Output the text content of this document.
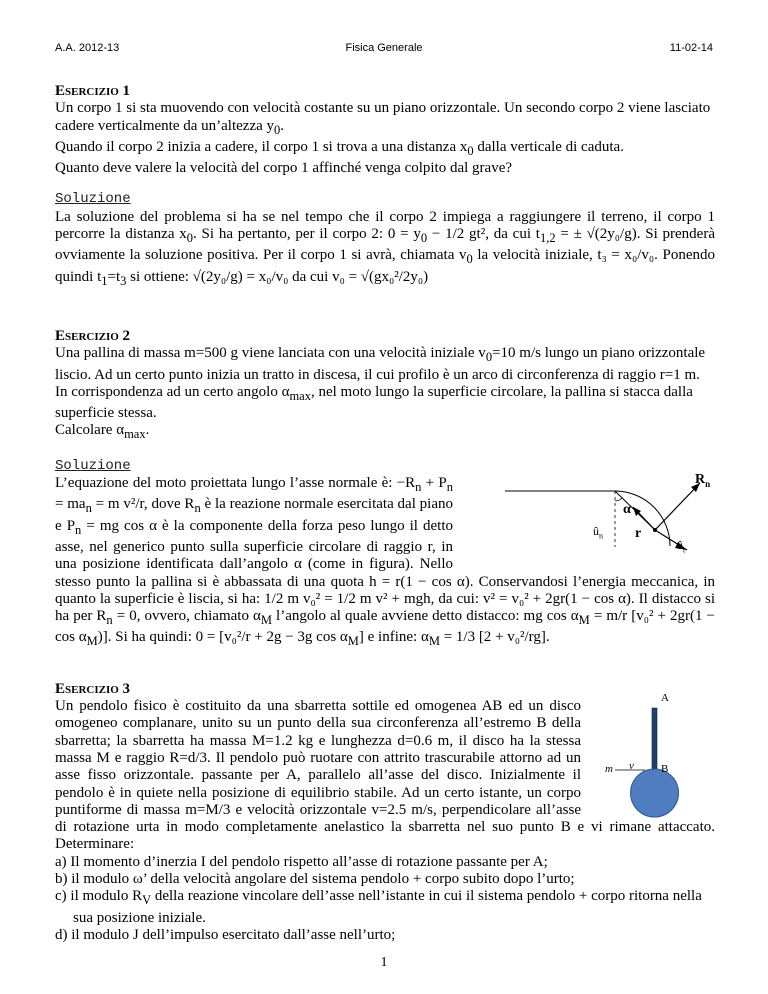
A.A. 2012-13	Fisica Generale	11-02-14

Esercizio 1

Un corpo 1 si sta muovendo con velocità costante su un piano orizzontale. Un secondo corpo 2 viene lasciato cadere verticalmente da un’altezza $y_0$.
Quando il corpo 2 inizia a cadere, il corpo 1 si trova a una distanza $x_0$ dalla verticale di caduta.
Quanto deve valere la velocità del corpo 1 affinché venga colpito dal grave?

Soluzione

La soluzione del problema si ha se nel tempo che il corpo 2 impiega a raggiungere il terreno, il corpo 1 percorre la distanza $x_0$. Si ha pertanto, per il corpo 2: $0 = y_0 - 1/2$ gt², da cui $t_{1,2}$ = ± √(2y₀/g). Si prenderà ovviamente la soluzione positiva. Per il corpo 1 si avrà, chiamata $v_0$ la velocità iniziale, t₃ = x₀/v₀. Ponendo quindi $t_1=t_3$ si ottiene: √(2y₀/g) = x₀/v₀ da cui v₀ = √(gx₀²/2y₀)

Esercizio 2

Una pallina di massa m=500 g viene lanciata con una velocità iniziale $v_0=10$ m/s lungo un piano orizzontale liscio. Ad un certo punto inizia un tratto in discesa, il cui profilo è un arco di circonferenza di raggio r=1 m.
In corrispondenza ad un certo angolo $\alpha_{max}$, nel moto lungo la superficie circolare, la pallina si stacca dalla superficie stessa.
Calcolare $\alpha_{max}$.

Soluzione

$R_n$
α
r
$û_n$
$û_t$

L’equazione del moto proiettata lungo l’asse normale è: $-R_n + P_n = ma_n = m$ v²/r, dove $R_n$ è la reazione normale esercitata dal piano e $P_n$ = mg cos α è la componente della forza peso lungo il detto asse, nel generico punto sulla superficie circolare di raggio r, in una posizione identificata dall’angolo α (come in figura). Nello stesso punto la pallina si è abbassata di una quota h = r(1 − cos α). Conservandosi l’energia meccanica, in quanto la superficie è liscia, si ha: 1/2 m v₀² = 1/2 m v² + mgh, da cui: v² = v₀² + 2gr(1 − cos α). Il distacco si ha per $R_n = 0$, ovvero, chiamato $\alpha_M$ l’angolo al quale avviene detto distacco: mg $\cos \alpha_M = m/r$ $[v_0^2 + 2gr(1 - \cos \alpha_M)]$. Si ha quindi: 0 = [v₀²/r + 2g − 3g $\cos \alpha_M$] e infine: $\alpha_M = 1/3$ [2 + v₀²/rg].

Esercizio 3

A
B
m v

Un pendolo fisico è costituito da una sbarretta sottile ed omogenea AB ed un disco omogeneo complanare, unito su un punto della sua circonferenza all’estremo B della sbarretta; la sbarretta ha massa M=1.2 kg e lunghezza d=0.6 m, il disco ha la stessa massa M e raggio R=d/3. Il pendolo può ruotare con attrito trascurabile attorno ad un asse fisso orizzontale. passante per A, parallelo all’asse del disco. Inizialmente il pendolo è in quiete nella posizione di equilibrio stabile. Ad un certo istante, un corpo puntiforme di massa m=M/3 e velocità orizzontale v=2.5 m/s, perpendicolare all’asse di rotazione urta in modo completamente anelastico la sbarretta nel suo punto B e vi rimane attaccato. Determinare:

a) Il momento d’inerzia I del pendolo rispetto all’asse di rotazione passante per A;
b) il modulo ω’ della velocità angolare del sistema pendolo + corpo subito dopo l’urto;
c) il modulo $R_V$ della reazione vincolare dell’asse nell’istante in cui il sistema pendolo + corpo ritorna nella sua posizione iniziale.
d) il modulo J dell’impulso esercitato dall’asse nell’urto;
1
